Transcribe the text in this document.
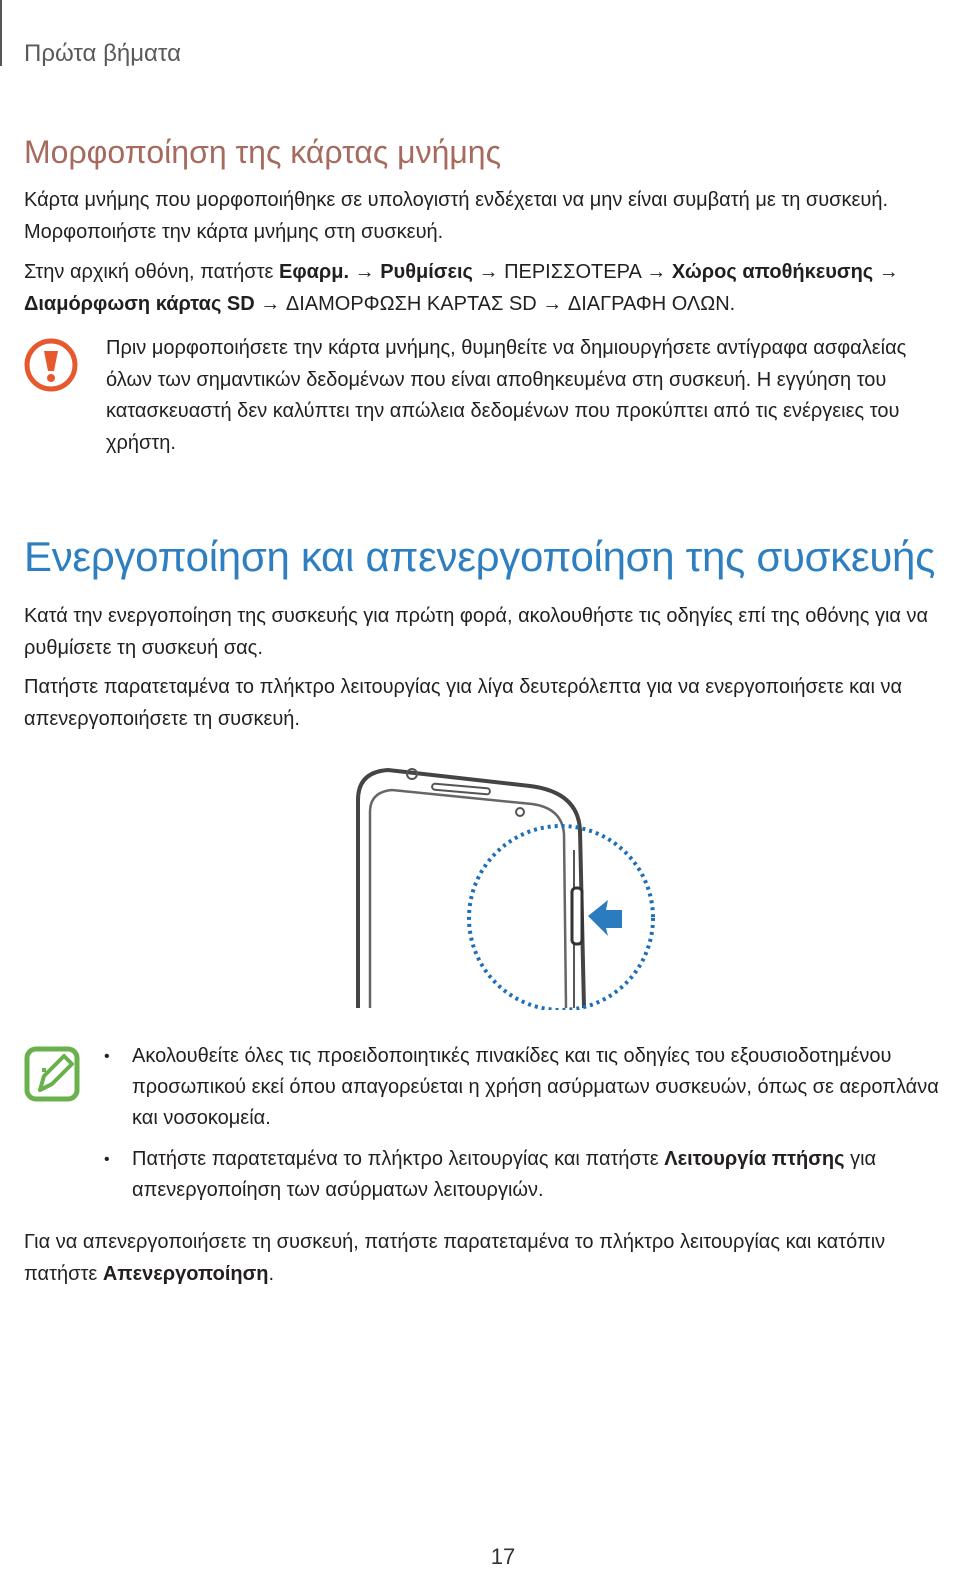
Πρώτα βήματα
Μορφοποίηση της κάρτας μνήμης

Κάρτα μνήμης που μορφοποιήθηκε σε υπολογιστή ενδέχεται να μην είναι συμβατή με τη συσκευή.
Μορφοποιήστε την κάρτα μνήμης στη συσκευή.

Στην αρχική οθόνη, πατήστε Εφαρμ. → Ρυθμίσεις → ΠΕΡΙΣΣΟΤΕΡΑ → Χώρος αποθήκευσης →
Διαμόρφωση κάρτας SD → ΔΙΑΜΟΡΦΩΣΗ ΚΑΡΤΑΣ SD → ΔΙΑΓΡΑΦΗ ΟΛΩΝ.

Πριν μορφοποιήσετε την κάρτα μνήμης, θυμηθείτε να δημιουργήσετε αντίγραφα ασφαλείας
όλων των σημαντικών δεδομένων που είναι αποθηκευμένα στη συσκευή. Η εγγύηση του
κατασκευαστή δεν καλύπτει την απώλεια δεδομένων που προκύπτει από τις ενέργειες του
χρήστη.

Ενεργοποίηση και απενεργοποίηση της συσκευής

Κατά την ενεργοποίηση της συσκευής για πρώτη φορά, ακολουθήστε τις οδηγίες επί της οθόνης για να
ρυθμίσετε τη συσκευή σας.

Πατήστε παρατεταμένα το πλήκτρο λειτουργίας για λίγα δευτερόλεπτα για να ενεργοποιήσετε και να
απενεργοποιήσετε τη συσκευή.

• Ακολουθείτε όλες τις προειδοποιητικές πινακίδες και τις οδηγίες του εξουσιοδοτημένου
προσωπικού εκεί όπου απαγορεύεται η χρήση ασύρματων συσκευών, όπως σε αεροπλάνα
και νοσοκομεία.
• Πατήστε παρατεταμένα το πλήκτρο λειτουργίας και πατήστε Λειτουργία πτήσης για
απενεργοποίηση των ασύρματων λειτουργιών.

Για να απενεργοποιήσετε τη συσκευή, πατήστε παρατεταμένα το πλήκτρο λειτουργίας και κατόπιν
πατήστε Απενεργοποίηση.

17
